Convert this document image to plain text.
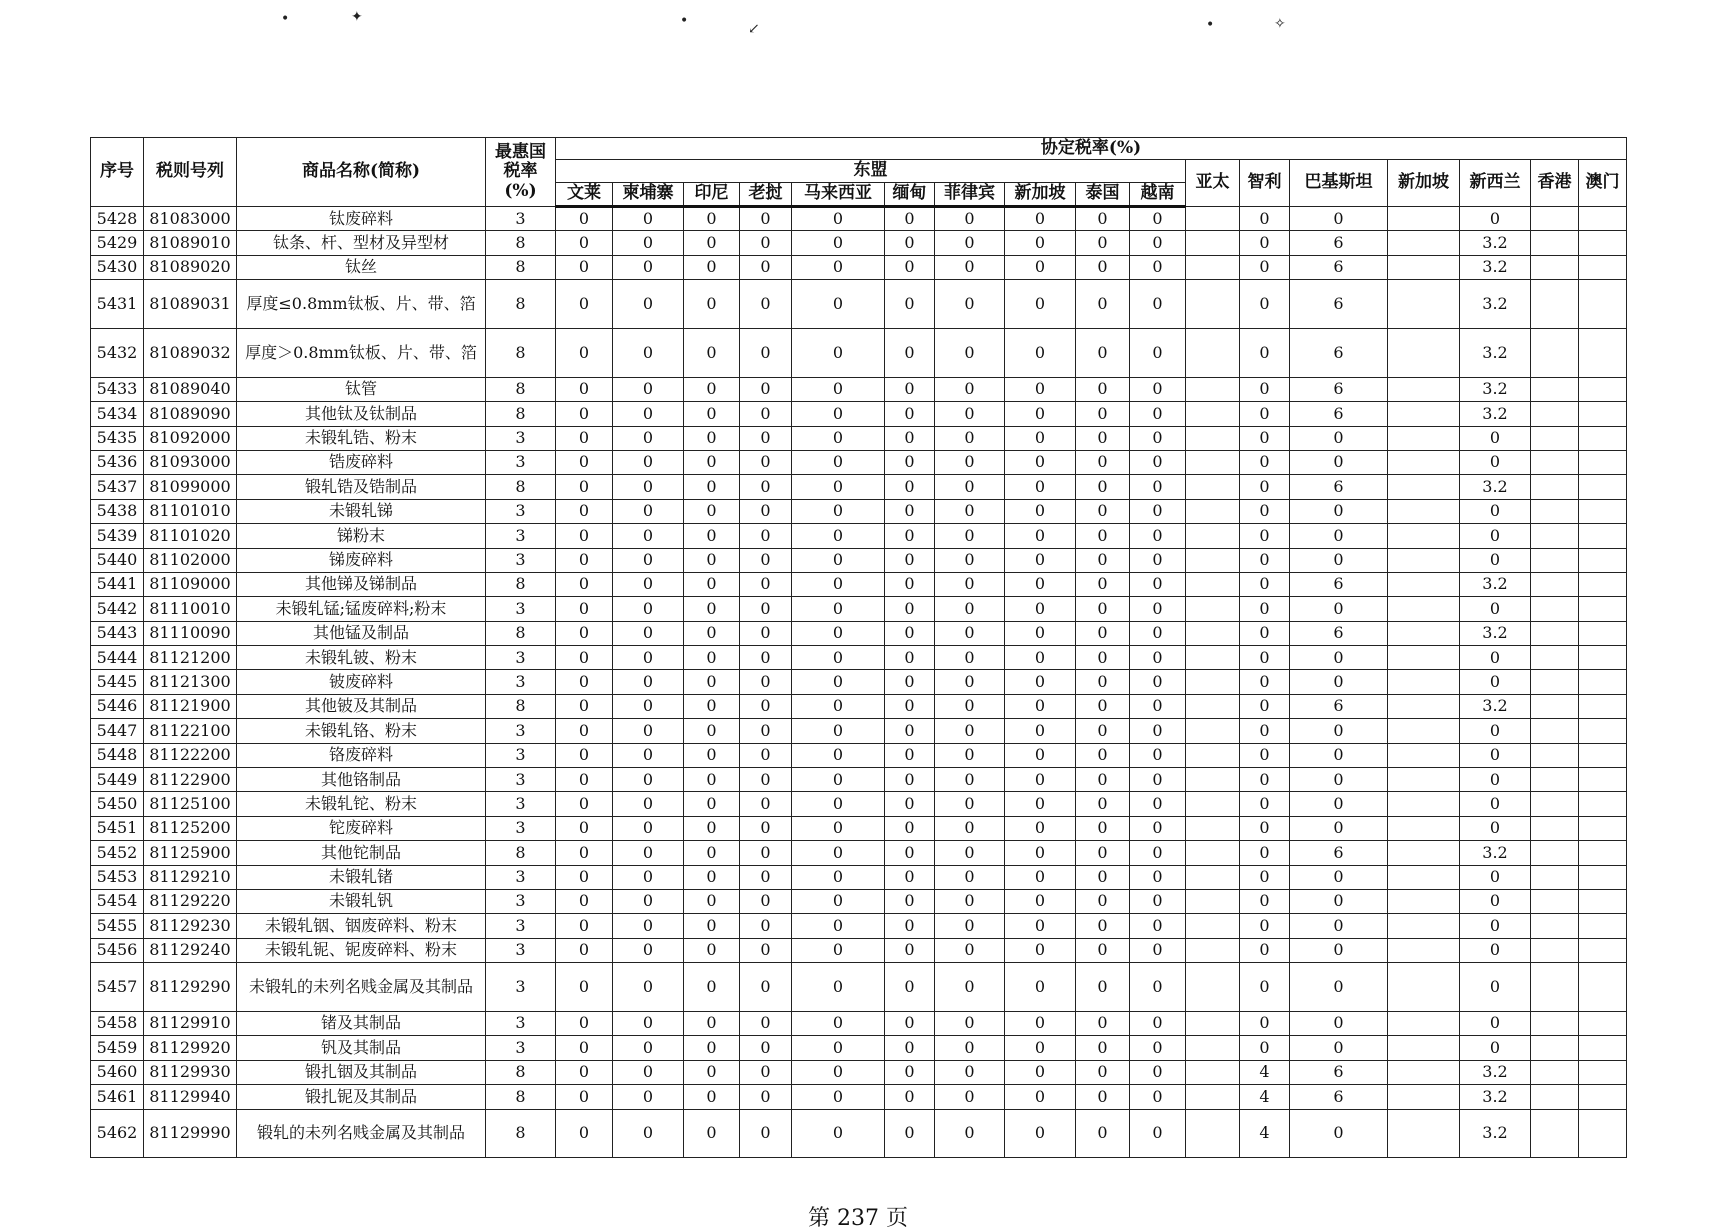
•	✦	•	↙	•	✧
序号	税则号列	商品名称(简称)	最惠国税率(%)	协定税率(%)																
				东盟										亚太	智利	巴基斯坦	新加坡	新西兰	香港	澳门
				文莱	柬埔寨	印尼	老挝	马来西亚	缅甸	菲律宾	新加坡	泰国	越南							
5428	81083000	钛废碎料	3	0	0	0	0	0	0	0	0	0	0		0	0		0		
5429	81089010	钛条、杆、型材及异型材	8	0	0	0	0	0	0	0	0	0	0		0	6		3.2		
5430	81089020	钛丝	8	0	0	0	0	0	0	0	0	0	0		0	6		3.2		
5431	81089031	厚度≤0.8mm钛板、片、带、箔	8	0	0	0	0	0	0	0	0	0	0		0	6		3.2		
5432	81089032	厚度＞0.8mm钛板、片、带、箔	8	0	0	0	0	0	0	0	0	0	0		0	6		3.2		
5433	81089040	钛管	8	0	0	0	0	0	0	0	0	0	0		0	6		3.2		
5434	81089090	其他钛及钛制品	8	0	0	0	0	0	0	0	0	0	0		0	6		3.2		
5435	81092000	未锻轧锆、粉末	3	0	0	0	0	0	0	0	0	0	0		0	0		0		
5436	81093000	锆废碎料	3	0	0	0	0	0	0	0	0	0	0		0	0		0		
5437	81099000	锻轧锆及锆制品	8	0	0	0	0	0	0	0	0	0	0		0	6		3.2		
5438	81101010	未锻轧锑	3	0	0	0	0	0	0	0	0	0	0		0	0		0		
5439	81101020	锑粉末	3	0	0	0	0	0	0	0	0	0	0		0	0		0		
5440	81102000	锑废碎料	3	0	0	0	0	0	0	0	0	0	0		0	0		0		
5441	81109000	其他锑及锑制品	8	0	0	0	0	0	0	0	0	0	0		0	6		3.2		
5442	81110010	未锻轧锰;锰废碎料;粉末	3	0	0	0	0	0	0	0	0	0	0		0	0		0		
5443	81110090	其他锰及制品	8	0	0	0	0	0	0	0	0	0	0		0	6		3.2		
5444	81121200	未锻轧铍、粉末	3	0	0	0	0	0	0	0	0	0	0		0	0		0		
5445	81121300	铍废碎料	3	0	0	0	0	0	0	0	0	0	0		0	0		0		
5446	81121900	其他铍及其制品	8	0	0	0	0	0	0	0	0	0	0		0	6		3.2		
5447	81122100	未锻轧铬、粉末	3	0	0	0	0	0	0	0	0	0	0		0	0		0		
5448	81122200	铬废碎料	3	0	0	0	0	0	0	0	0	0	0		0	0		0		
5449	81122900	其他铬制品	3	0	0	0	0	0	0	0	0	0	0		0	0		0		
5450	81125100	未锻轧铊、粉末	3	0	0	0	0	0	0	0	0	0	0		0	0		0		
5451	81125200	铊废碎料	3	0	0	0	0	0	0	0	0	0	0		0	0		0		
5452	81125900	其他铊制品	8	0	0	0	0	0	0	0	0	0	0		0	6		3.2		
5453	81129210	未锻轧锗	3	0	0	0	0	0	0	0	0	0	0		0	0		0		
5454	81129220	未锻轧钒	3	0	0	0	0	0	0	0	0	0	0		0	0		0		
5455	81129230	未锻轧铟、铟废碎料、粉末	3	0	0	0	0	0	0	0	0	0	0		0	0		0		
5456	81129240	未锻轧铌、铌废碎料、粉末	3	0	0	0	0	0	0	0	0	0	0		0	0		0		
5457	81129290	未锻轧的未列名贱金属及其制品	3	0	0	0	0	0	0	0	0	0	0		0	0		0		
5458	81129910	锗及其制品	3	0	0	0	0	0	0	0	0	0	0		0	0		0		
5459	81129920	钒及其制品	3	0	0	0	0	0	0	0	0	0	0		0	0		0		
5460	81129930	锻扎铟及其制品	8	0	0	0	0	0	0	0	0	0	0		4	6		3.2		
5461	81129940	锻扎铌及其制品	8	0	0	0	0	0	0	0	0	0	0		4	6		3.2		
5462	81129990	锻轧的未列名贱金属及其制品	8	0	0	0	0	0	0	0	0	0	0		4	0		3.2		
第 237 页
